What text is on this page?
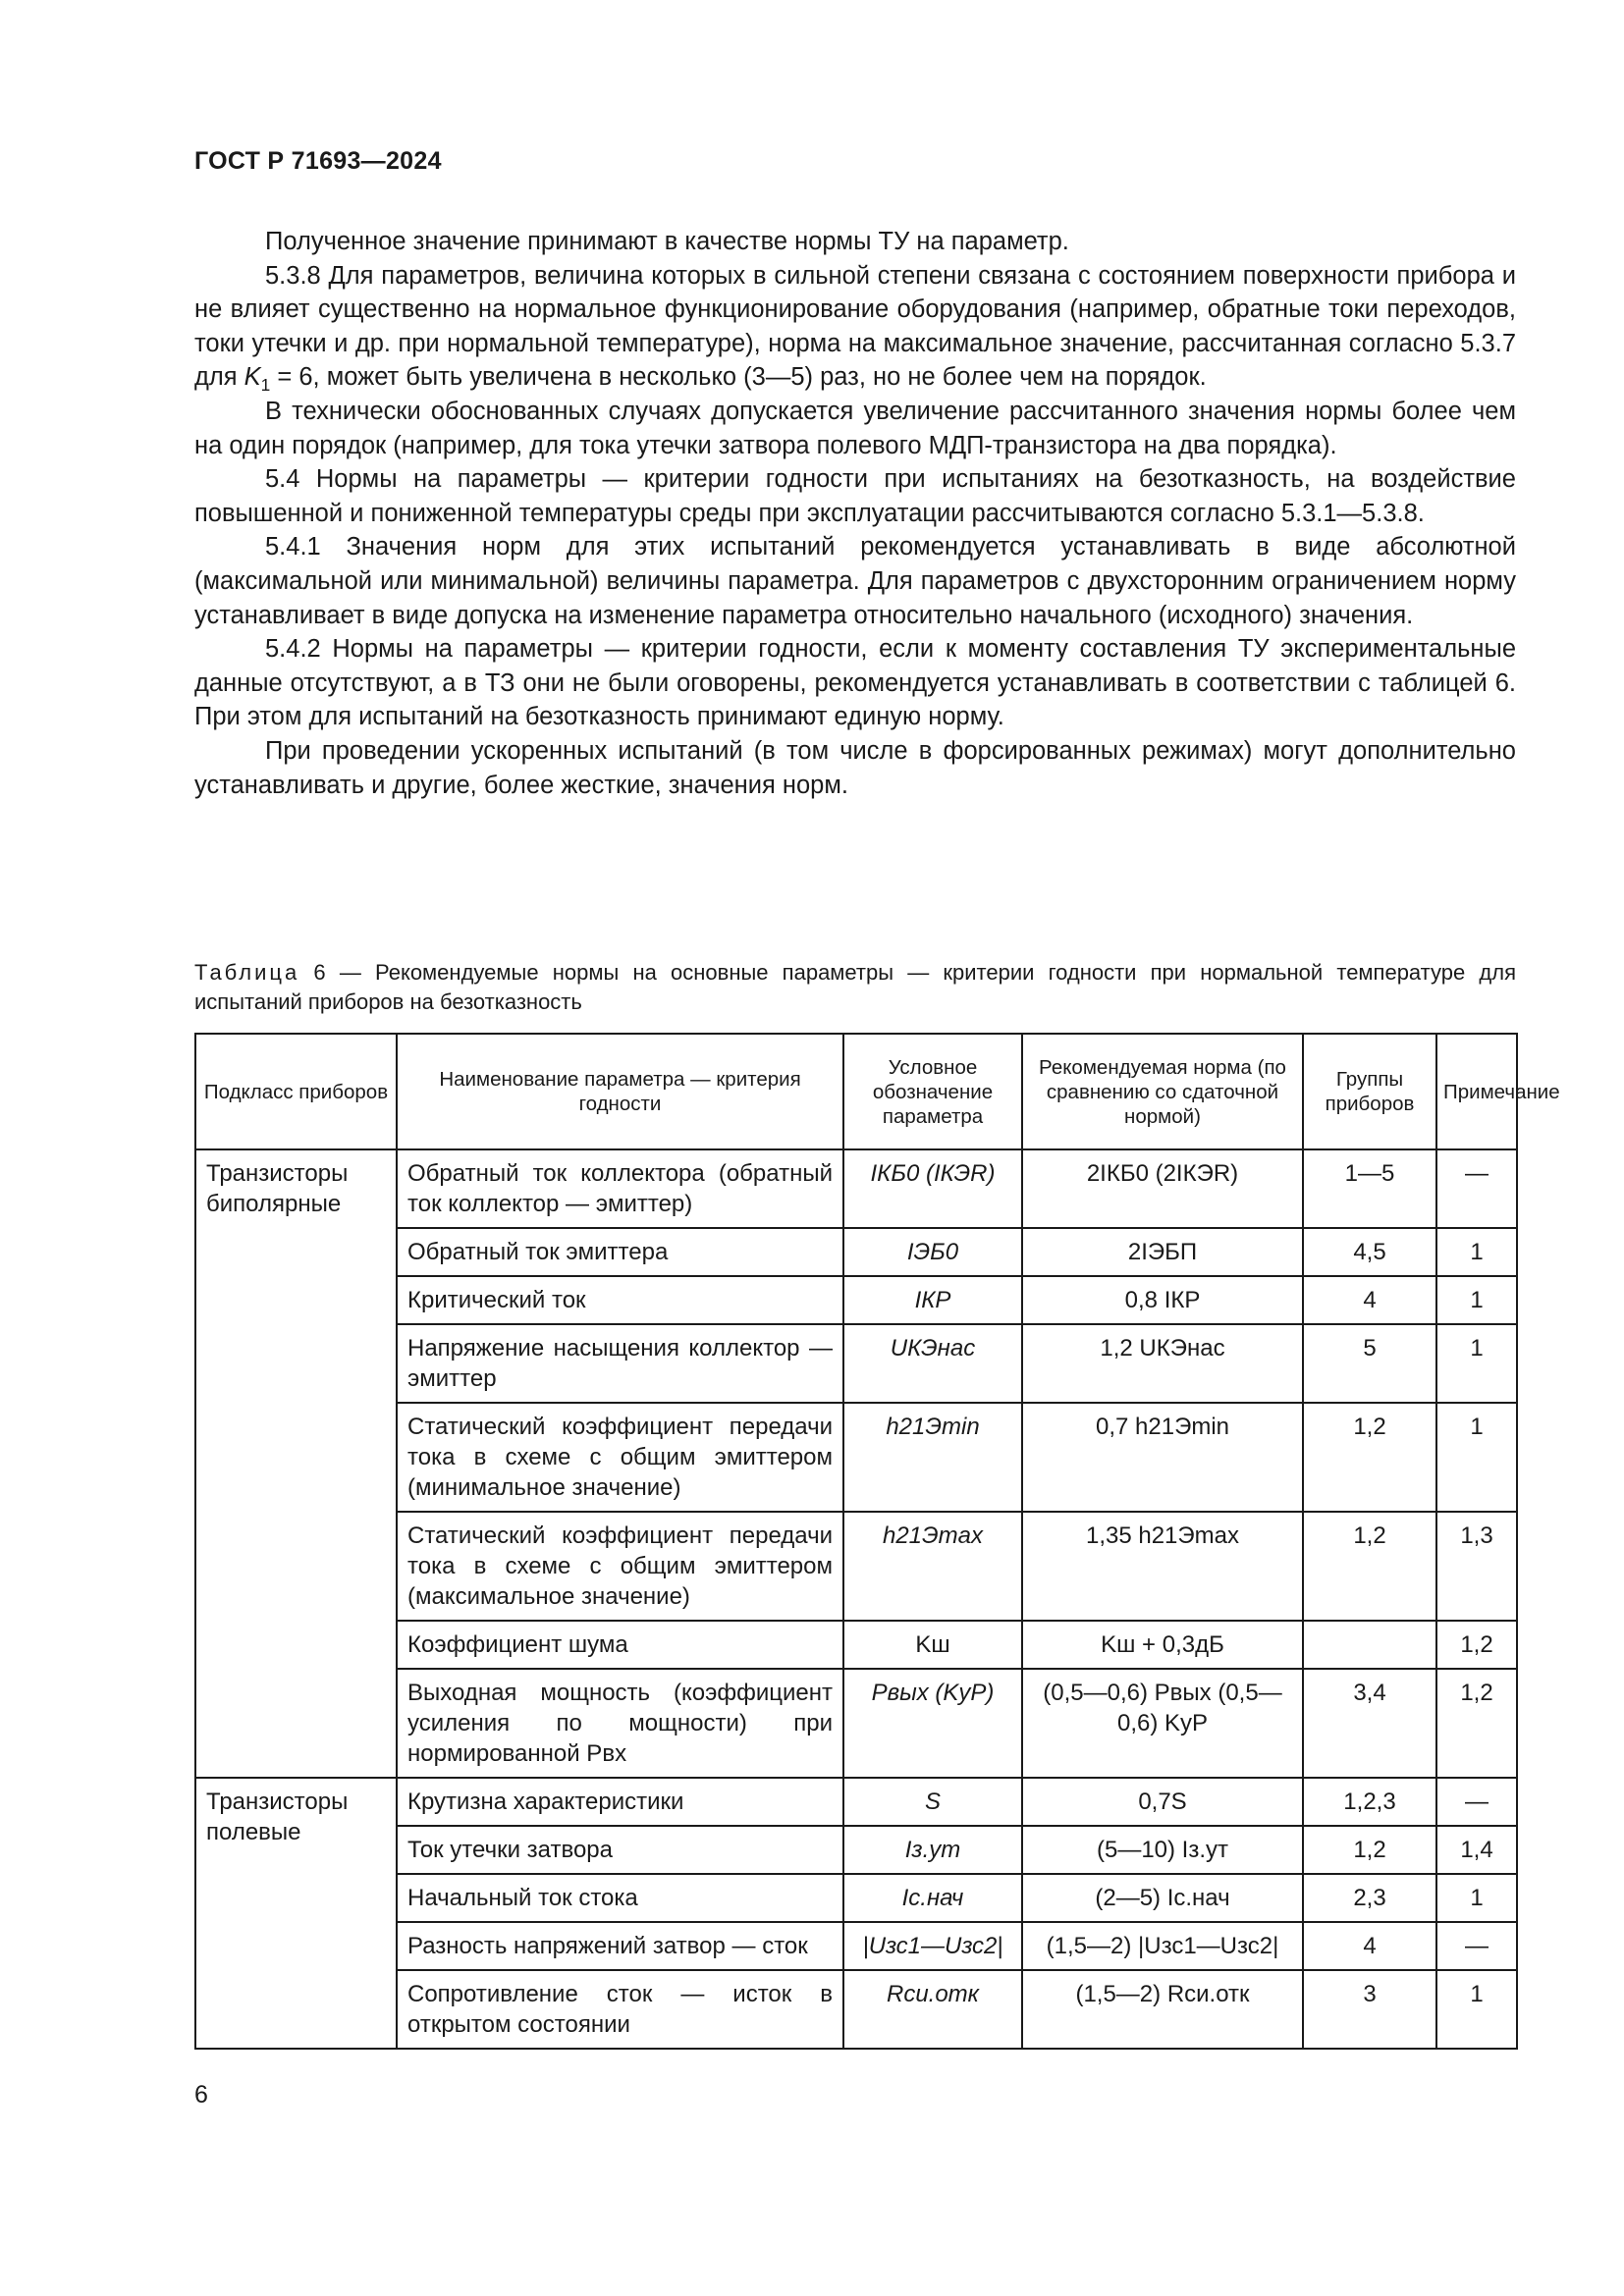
ГОСТ Р 71693—2024

Полученное значение принимают в качестве нормы ТУ на параметр.

5.3.8 Для параметров, величина которых в сильной степени связана с состоянием поверхности прибора и не влияет существенно на нормальное функционирование оборудования (например, обратные токи переходов, токи утечки и др. при нормальной температуре), норма на максимальное значение, рассчитанная согласно 5.3.7 для $K_1 = 6$, может быть увеличена в несколько (3—5) раз, но не более чем на порядок.

В технически обоснованных случаях допускается увеличение рассчитанного значения нормы более чем на один порядок (например, для тока утечки затвора полевого МДП-транзистора на два порядка).

5.4 Нормы на параметры — критерии годности при испытаниях на безотказность, на воздействие повышенной и пониженной температуры среды при эксплуатации рассчитываются согласно 5.3.1—5.3.8.

5.4.1 Значения норм для этих испытаний рекомендуется устанавливать в виде абсолютной (максимальной или минимальной) величины параметра. Для параметров с двухсторонним ограничением норму устанавливает в виде допуска на изменение параметра относительно начального (исходного) значения.

5.4.2 Нормы на параметры — критерии годности, если к моменту составления ТУ экспериментальные данные отсутствуют, а в ТЗ они не были оговорены, рекомендуется устанавливать в соответствии с таблицей 6. При этом для испытаний на безотказность принимают единую норму.

При проведении ускоренных испытаний (в том числе в форсированных режимах) могут дополнительно устанавливать и другие, более жесткие, значения норм.

Таблица 6 — Рекомендуемые нормы на основные параметры — критерии годности при нормальной температуре для испытаний приборов на безотказность
Подкласс приборов	Наименование параметра — критерия годности	Условное обозначение параметра	Рекомендуемая норма (по сравнению со сдаточной нормой)	Группы приборов	Примечание
Транзисторы биполярные	Обратный ток коллектора (обратный ток коллектор — эмиттер)	IКБ0 (IКЭR)	2IКБ0 (2IКЭR)	1—5	—
	Обратный ток эмиттера	IЭБ0	2IЭБП	4,5	1
	Критический ток	IКР	0,8 IКР	4	1
	Напряжение насыщения коллектор — эмиттер	UКЭнас	1,2 UКЭнас	5	1
	Статический коэффициент передачи тока в схеме с общим эмиттером (минимальное значение)	h21Эmin	0,7 h21Эmin	1,2	1
	Статический коэффициент передачи тока в схеме с общим эмиттером (максимальное значение)	h21Эmax	1,35 h21Эmax	1,2	1,3
	Коэффициент шума	Kш	Kш + 0,3дБ		1,2
	Выходная мощность (коэффициент усиления по мощности) при нормированной Pвх	Pвых (KуP)	(0,5—0,6) Pвых (0,5—0,6) KуP	3,4	1,2
Транзисторы полевые	Крутизна характеристики	S	0,7S	1,2,3	—
	Ток утечки затвора	Iз.ут	(5—10) Iз.ут	1,2	1,4
	Начальный ток стока	Iс.нач	(2—5) Iс.нач	2,3	1
	Разность напряжений затвор — сток	|Uзс1—Uзс2|	(1,5—2) |Uзс1—Uзс2|	4	—
	Сопротивление сток — исток в открытом состоянии	Rси.отк	(1,5—2) Rси.отк	3	1
6
